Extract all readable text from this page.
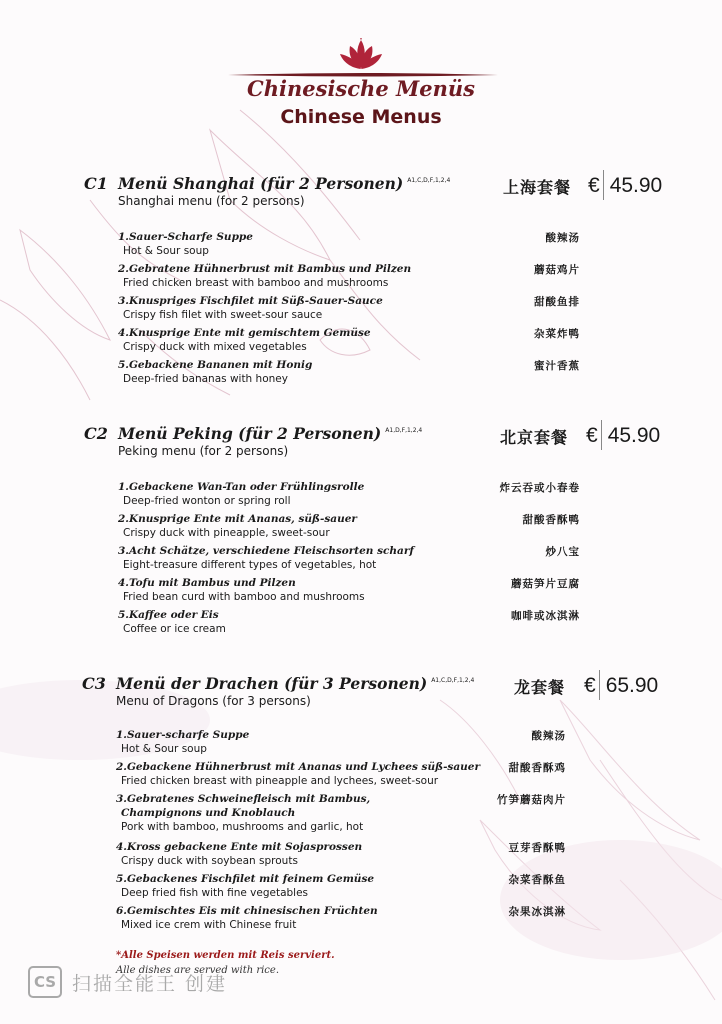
Chinesische Menüs
Chinese Menus
C1 Menü Shanghai (für 2 Personen) $^{A1,C,D,F,1,2,4}$
Shanghai menu (for 2 persons)
上海套餐 € 45.90
1.Sauer-Scharfe Suppe
Hot & Sour soup
酸辣汤
2.Gebratene Hühnerbrust mit Bambus und Pilzen
Fried chicken breast with bamboo and mushrooms
蘑菇鸡片
3.Knuspriges Fischfilet mit Süß-Sauer-Sauce
Crispy fish filet with sweet-sour sauce
甜酸鱼排
4.Knusprige Ente mit gemischtem Gemüse
Crispy duck with mixed vegetables
杂菜炸鸭
5.Gebackene Bananen mit Honig
Deep-fried bananas with honey
蜜汁香蕉
C2 Menü Peking (für 2 Personen) $^{A1,D,F,1,2,4}$
Peking menu (for 2 persons)
北京套餐 € 45.90
1.Gebackene Wan-Tan oder Frühlingsrolle
Deep-fried wonton or spring roll
炸云吞或小春卷
2.Knusprige Ente mit Ananas, süß-sauer
Crispy duck with pineapple, sweet-sour
甜酸香酥鸭
3.Acht Schätze, verschiedene Fleischsorten scharf
Eight-treasure different types of vegetables, hot
炒八宝
4.Tofu mit Bambus und Pilzen
Fried bean curd with bamboo and mushrooms
蘑菇笋片豆腐
5.Kaffee oder Eis
Coffee or ice cream
咖啡或冰淇淋
C3 Menü der Drachen (für 3 Personen) $^{A1,C,D,F,1,2,4}$
Menu of Dragons (for 3 persons)
龙套餐 € 65.90
1.Sauer-scharfe Suppe
Hot & Sour soup
酸辣汤
2.Gebackene Hühnerbrust mit Ananas und Lychees süß-sauer
Fried chicken breast with pineapple and lychees, sweet-sour
甜酸香酥鸡
3.Gebratenes Schweinefleisch mit Bambus,
Champignons und Knoblauch
Pork with bamboo, mushrooms and garlic, hot
竹笋蘑菇肉片
4.Kross gebackene Ente mit Sojasprossen
Crispy duck with soybean sprouts
豆芽香酥鸭
5.Gebackenes Fischfilet mit feinem Gemüse
Deep fried fish with fine vegetables
杂菜香酥鱼
6.Gemischtes Eis mit chinesischen Früchten
Mixed ice crem with Chinese fruit
杂果冰淇淋
*Alle Speisen werden mit Reis serviert.
Alle dishes are served with rice.
CS 扫描全能王 创建
